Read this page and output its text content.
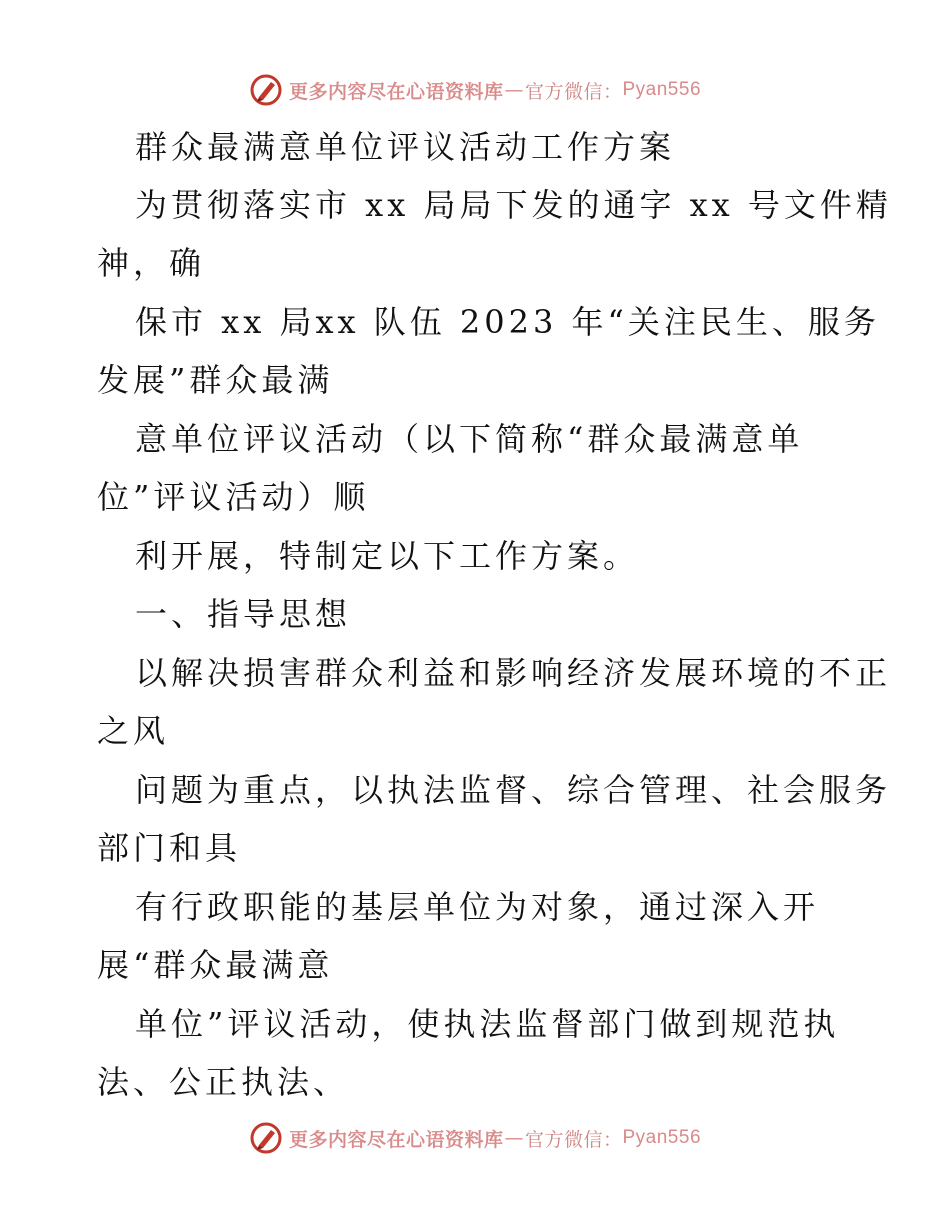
更多内容尽在心语资料库 — 官方微信： Pyan556
群众最满意单位评议活动工作方案
为贯彻落实市 xx 局局下发的通字 xx 号文件精
神，确
保市 xx 局xx 队伍 2023 年“关注民生、服务
发展”群众最满
意单位评议活动（以下简称“群众最满意单
位”评议活动）顺
利开展，特制定以下工作方案。
一、指导思想
以解决损害群众利益和影响经济发展环境的不正
之风
问题为重点，以执法监督、综合管理、社会服务
部门和具
有行政职能的基层单位为对象，通过深入开
展“群众最满意
单位”评议活动，使执法监督部门做到规范执
法、公正执法、
更多内容尽在心语资料库 — 官方微信： Pyan556
